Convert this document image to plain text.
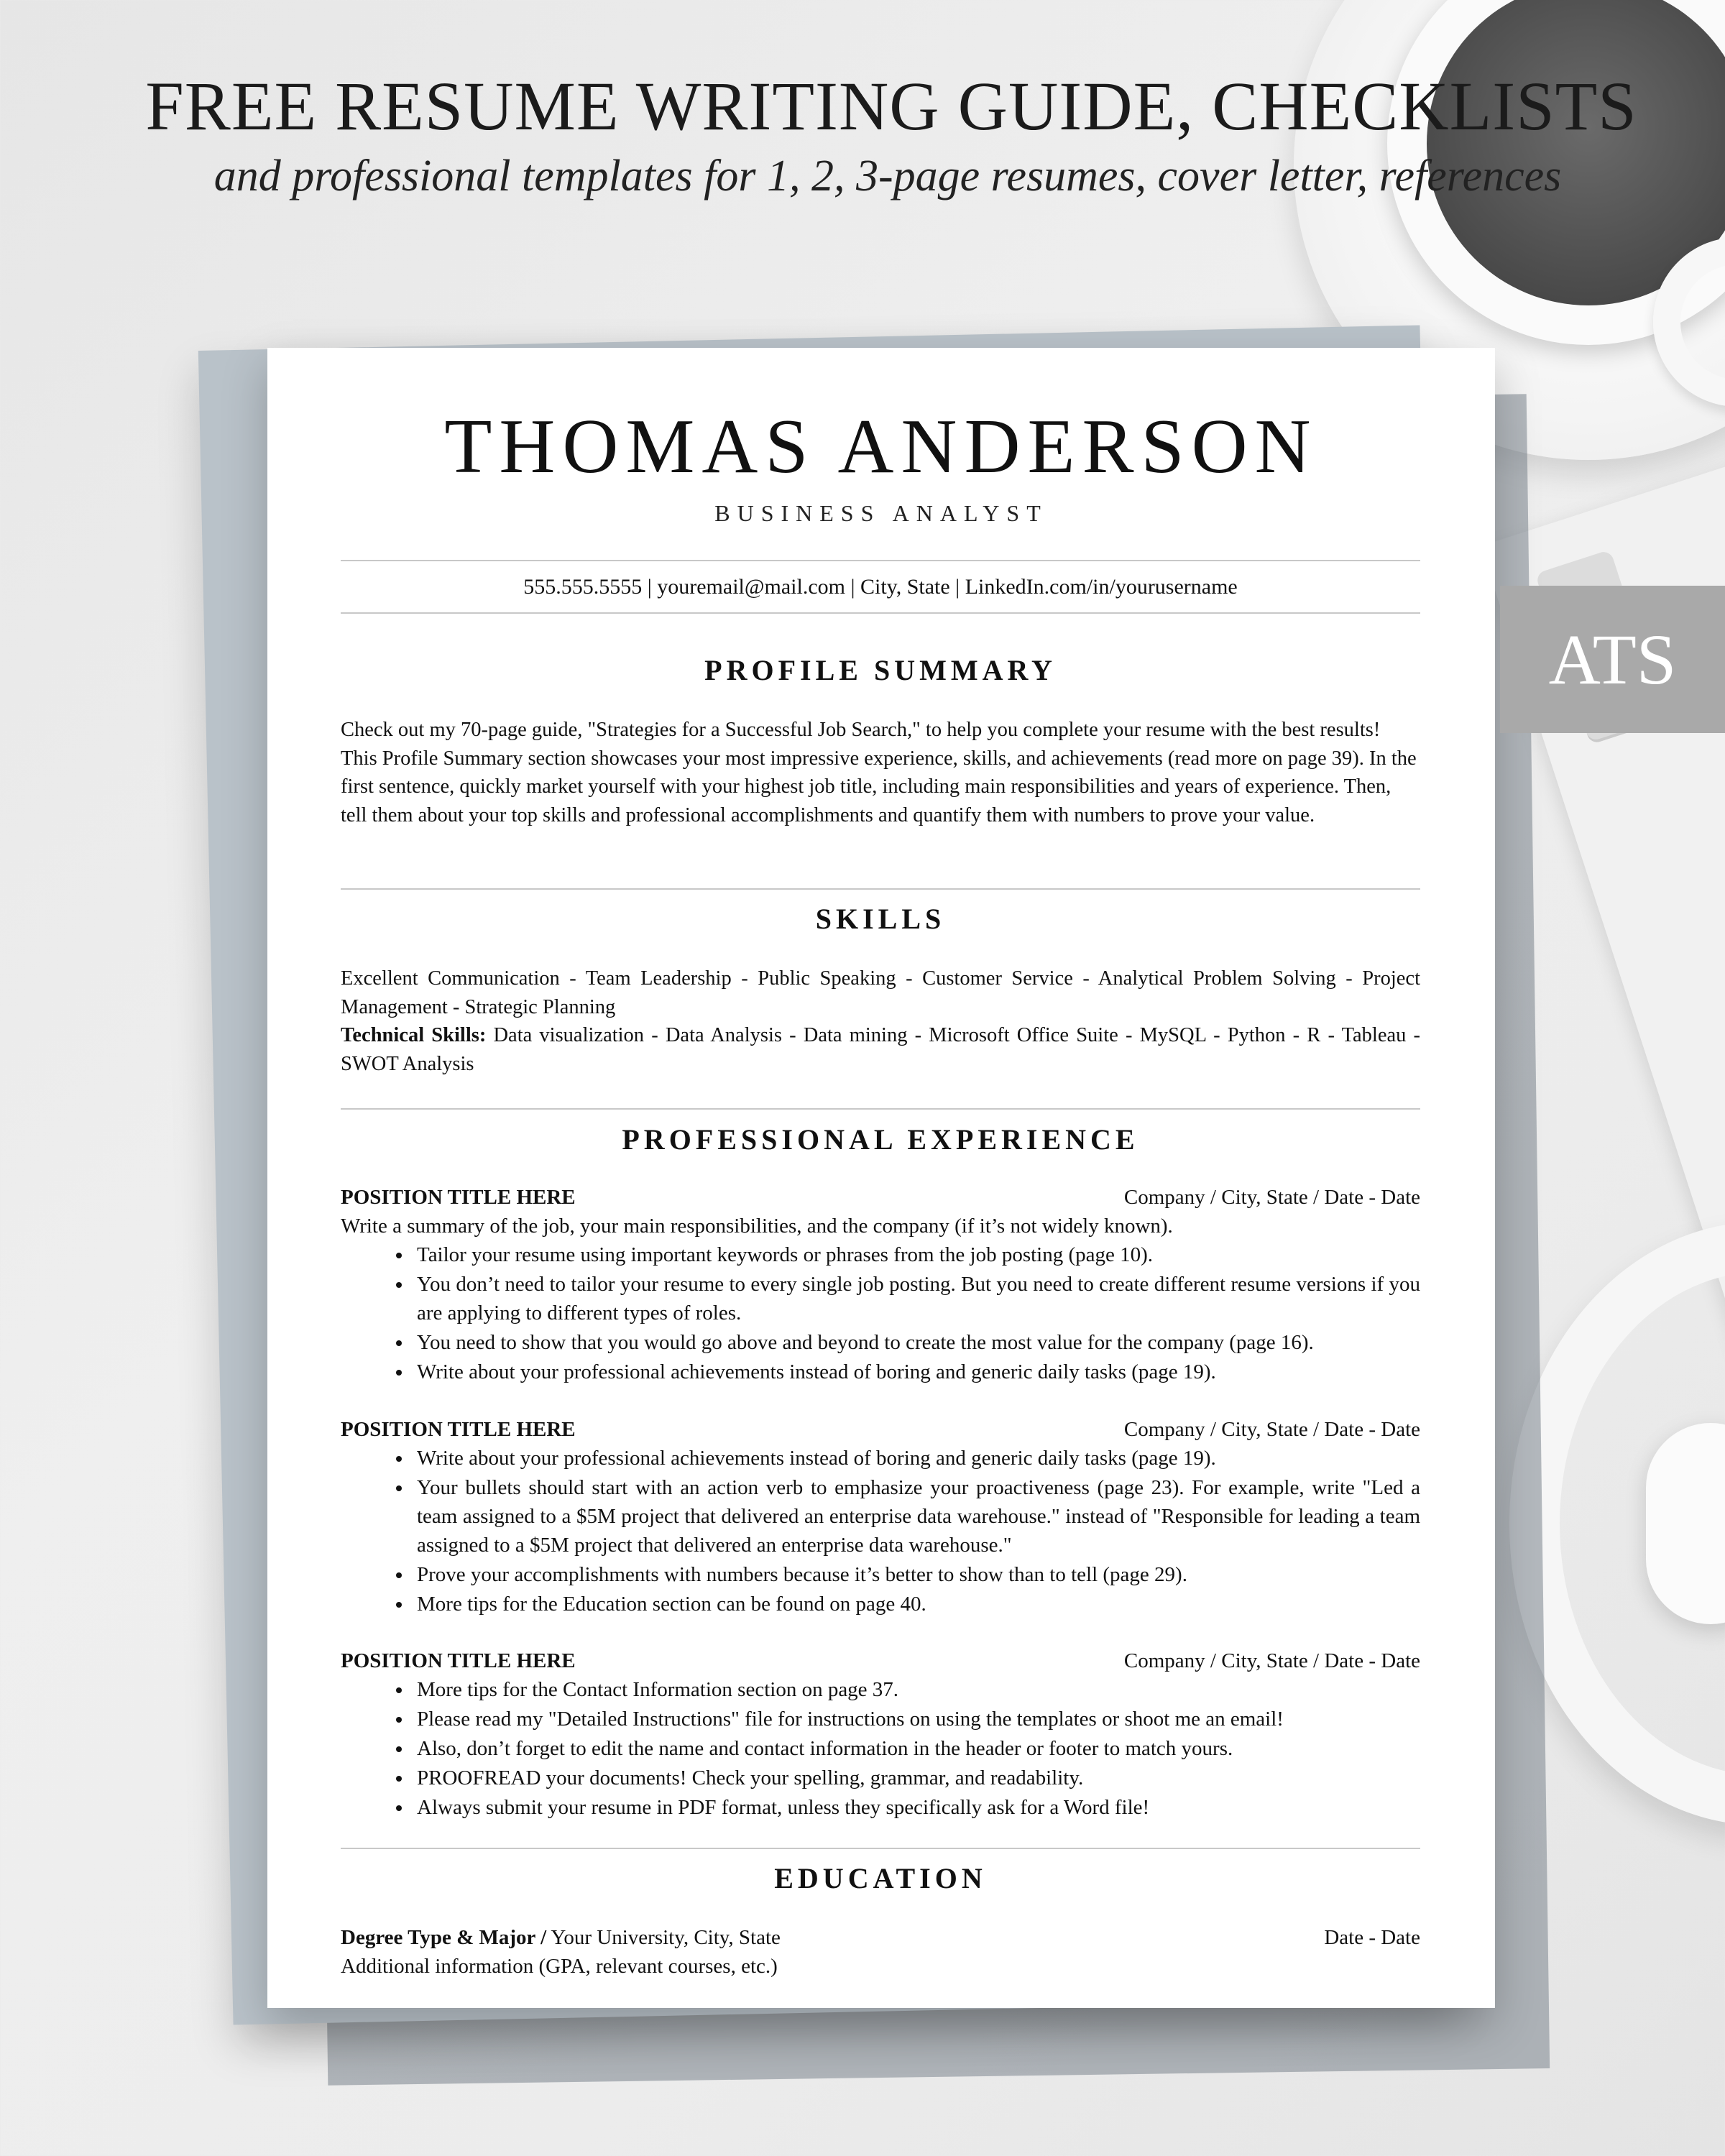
FREE RESUME WRITING GUIDE, CHECKLISTS
and professional templates for 1, 2, 3-page resumes, cover letter, references
THOMAS ANDERSON
BUSINESS ANALYST
555.555.5555 | youremail@mail.com | City, State | LinkedIn.com/in/yourusername
PROFILE SUMMARY
Check out my 70-page guide, "Strategies for a Successful Job Search," to help you complete your resume with the best results! This Profile Summary section showcases your most impressive experience, skills, and achievements (read more on page 39). In the first sentence, quickly market yourself with your highest job title, including main responsibilities and years of experience. Then, tell them about your top skills and professional accomplishments and quantify them with numbers to prove your value.
SKILLS
Excellent Communication - Team Leadership - Public Speaking - Customer Service - Analytical Problem Solving - Project Management - Strategic Planning
Technical Skills: Data visualization - Data Analysis - Data mining - Microsoft Office Suite - MySQL - Python - R - Tableau - SWOT Analysis
PROFESSIONAL EXPERIENCE
POSITION TITLE HERE	Company / City, State / Date - Date
Write a summary of the job, your main responsibilities, and the company (if it’s not widely known).
• Tailor your resume using important keywords or phrases from the job posting (page 10).
• You don’t need to tailor your resume to every single job posting. But you need to create different resume versions if you are applying to different types of roles.
• You need to show that you would go above and beyond to create the most value for the company (page 16).
• Write about your professional achievements instead of boring and generic daily tasks (page 19).
POSITION TITLE HERE	Company / City, State / Date - Date
• Write about your professional achievements instead of boring and generic daily tasks (page 19).
• Your bullets should start with an action verb to emphasize your proactiveness (page 23). For example, write "Led a team assigned to a $5M project that delivered an enterprise data warehouse." instead of "Responsible for leading a team assigned to a $5M project that delivered an enterprise data warehouse."
• Prove your accomplishments with numbers because it’s better to show than to tell (page 29).
• More tips for the Education section can be found on page 40.
POSITION TITLE HERE	Company / City, State / Date - Date
• More tips for the Contact Information section on page 37.
• Please read my "Detailed Instructions" file for instructions on using the templates or shoot me an email!
• Also, don’t forget to edit the name and contact information in the header or footer to match yours.
• PROOFREAD your documents! Check your spelling, grammar, and readability.
• Always submit your resume in PDF format, unless they specifically ask for a Word file!
EDUCATION
Degree Type & Major / Your University, City, State	Date - Date
Additional information (GPA, relevant courses, etc.)
ATS
